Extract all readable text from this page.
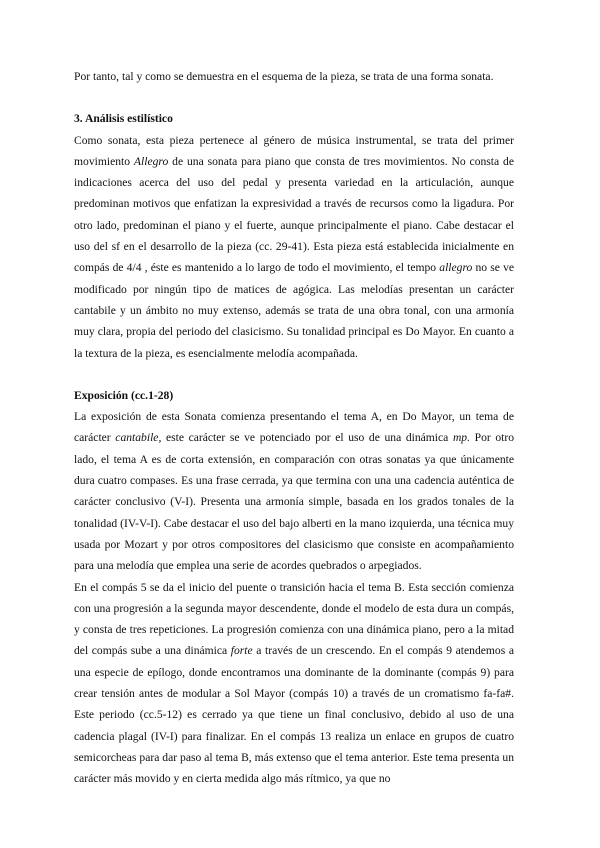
Por tanto, tal y como se demuestra en el esquema de la pieza, se trata de una forma sonata.

3. Análisis estilístico

Como sonata, esta pieza pertenece al género de música instrumental, se trata del primer movimiento Allegro de una sonata para piano que consta de tres movimientos. No consta de indicaciones acerca del uso del pedal y presenta variedad en la articulación, aunque predominan motivos que enfatizan la expresividad a través de recursos como la ligadura. Por otro lado, predominan el piano y el fuerte, aunque principalmente el piano. Cabe destacar el uso del sf en el desarrollo de la pieza (cc. 29-41). Esta pieza está establecida inicialmente en compás de 4/4 , éste es mantenido a lo largo de todo el movimiento, el tempo allegro no se ve modificado por ningún tipo de matices de agógica. Las melodías presentan un carácter cantabile y un ámbito no muy extenso, además se trata de una obra tonal, con una armonía muy clara, propia del periodo del clasicismo. Su tonalidad principal es Do Mayor. En cuanto a la textura de la pieza, es esencialmente melodía acompañada.

Exposición (cc.1-28)

La exposición de esta Sonata comienza presentando el tema A, en Do Mayor, un tema de carácter cantabile, este carácter se ve potenciado por el uso de una dinámica mp. Por otro lado, el tema A es de corta extensión, en comparación con otras sonatas ya que únicamente dura cuatro compases. Es una frase cerrada, ya que termina con una una cadencia auténtica de carácter conclusivo (V-I). Presenta una armonía simple, basada en los grados tonales de la tonalidad (IV-V-I). Cabe destacar el uso del bajo alberti en la mano izquierda, una técnica muy usada por Mozart y por otros compositores del clasicismo que consiste en acompañamiento para una melodía que emplea una serie de acordes quebrados o arpegiados.

En el compás 5 se da el inicio del puente o transición hacia el tema B. Esta sección comienza con una progresión a la segunda mayor descendente, donde el modelo de esta dura un compás, y consta de tres repeticiones. La progresión comienza con una dinámica piano, pero a la mitad del compás sube a una dinámica forte a través de un crescendo. En el compás 9 atendemos a una especie de epílogo, donde encontramos una dominante de la dominante (compás 9) para crear tensión antes de modular a Sol Mayor (compás 10) a través de un cromatismo fa-fa#. Este periodo (cc.5-12) es cerrado ya que tiene un final conclusivo, debido al uso de una cadencia plagal (IV-I) para finalizar. En el compás 13 realiza un enlace en grupos de cuatro semicorcheas para dar paso al tema B, más extenso que el tema anterior. Este tema presenta un carácter más movido y en cierta medida algo más rítmico, ya que no
